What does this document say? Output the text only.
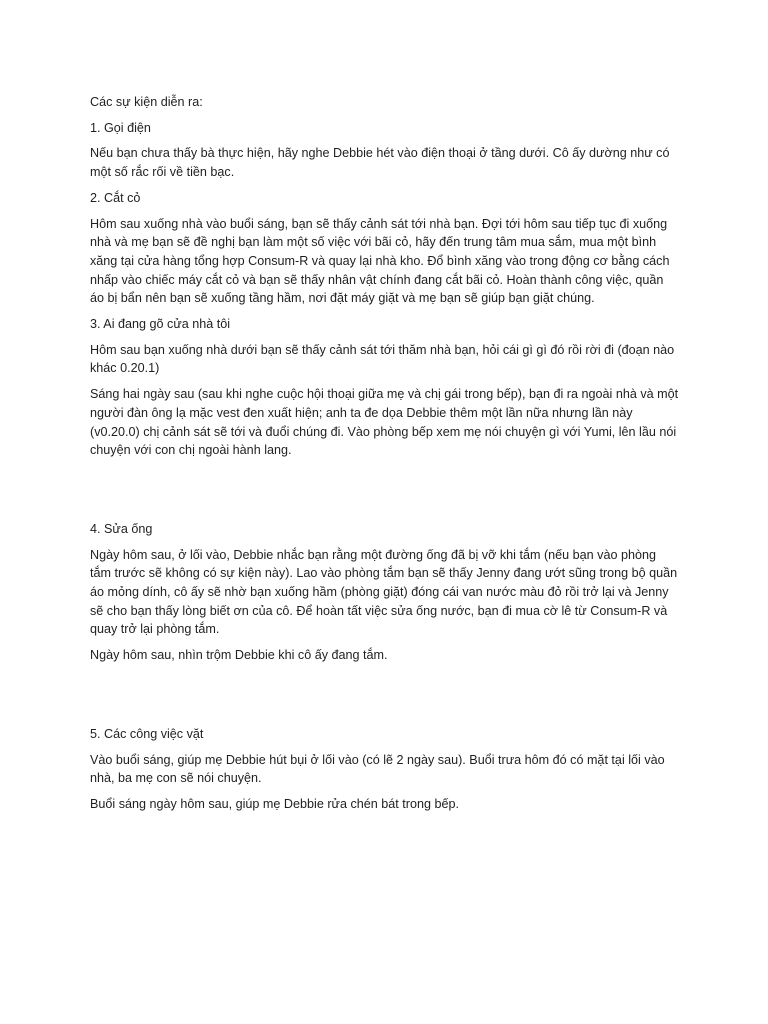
Các sự kiện diễn ra:

1. Gọi điện

Nếu bạn chưa thấy bà thực hiện, hãy nghe Debbie hét vào điện thoại ở tầng dưới. Cô ấy dường như có một số rắc rối về tiền bạc.

2. Cắt cỏ

Hôm sau xuống nhà vào buổi sáng, bạn sẽ thấy cảnh sát tới nhà bạn. Đợi tới hôm sau tiếp tục đi xuống nhà và mẹ bạn sẽ đề nghị bạn làm một số việc với bãi cỏ, hãy đến trung tâm mua sắm, mua một bình xăng tại cửa hàng tổng hợp Consum-R và quay lại nhà kho. Đổ bình xăng vào trong động cơ bằng cách nhấp vào chiếc máy cắt cỏ và bạn sẽ thấy nhân vật chính đang cắt bãi cỏ. Hoàn thành công việc, quần áo bị bẩn nên bạn sẽ xuống tầng hầm, nơi đặt máy giặt và mẹ bạn sẽ giúp bạn giặt chúng.

3. Ai đang gõ cửa nhà tôi

Hôm sau bạn xuống nhà dưới bạn sẽ thấy cảnh sát tới thăm nhà bạn, hỏi cái gì gì đó rồi rời đi (đoạn nào khác 0.20.1)

Sáng hai ngày sau (sau khi nghe cuộc hội thoại giữa mẹ và chị gái trong bếp), bạn đi ra ngoài nhà và một người đàn ông lạ mặc vest đen xuất hiện; anh ta đe dọa Debbie thêm một lần nữa nhưng lần này (v0.20.0) chị cảnh sát sẽ tới và đuổi chúng đi. Vào phòng bếp xem mẹ nói chuyện gì với Yumi, lên lầu nói chuyện với con chị ngoài hành lang.

4. Sửa ống

Ngày hôm sau, ở lối vào, Debbie nhắc bạn rằng một đường ống đã bị vỡ khi tắm (nếu bạn vào phòng tắm trước sẽ không có sự kiện này). Lao vào phòng tắm bạn sẽ thấy Jenny đang ướt sũng trong bộ quần áo mỏng dính, cô ấy sẽ nhờ bạn xuống hầm (phòng giặt) đóng cái van nước màu đỏ rồi trở lại và Jenny sẽ cho bạn thấy lòng biết ơn của cô. Để hoàn tất việc sửa ống nước, bạn đi mua cờ lê từ Consum-R và quay trở lại phòng tắm.

Ngày hôm sau, nhìn trộm Debbie khi cô ấy đang tắm.

5. Các công việc vặt

Vào buổi sáng, giúp mẹ Debbie hút bụi ở lối vào (có lẽ 2 ngày sau). Buổi trưa hôm đó có mặt tại lối vào nhà, ba mẹ con sẽ nói chuyện.

Buổi sáng ngày hôm sau, giúp mẹ Debbie rửa chén bát trong bếp.
